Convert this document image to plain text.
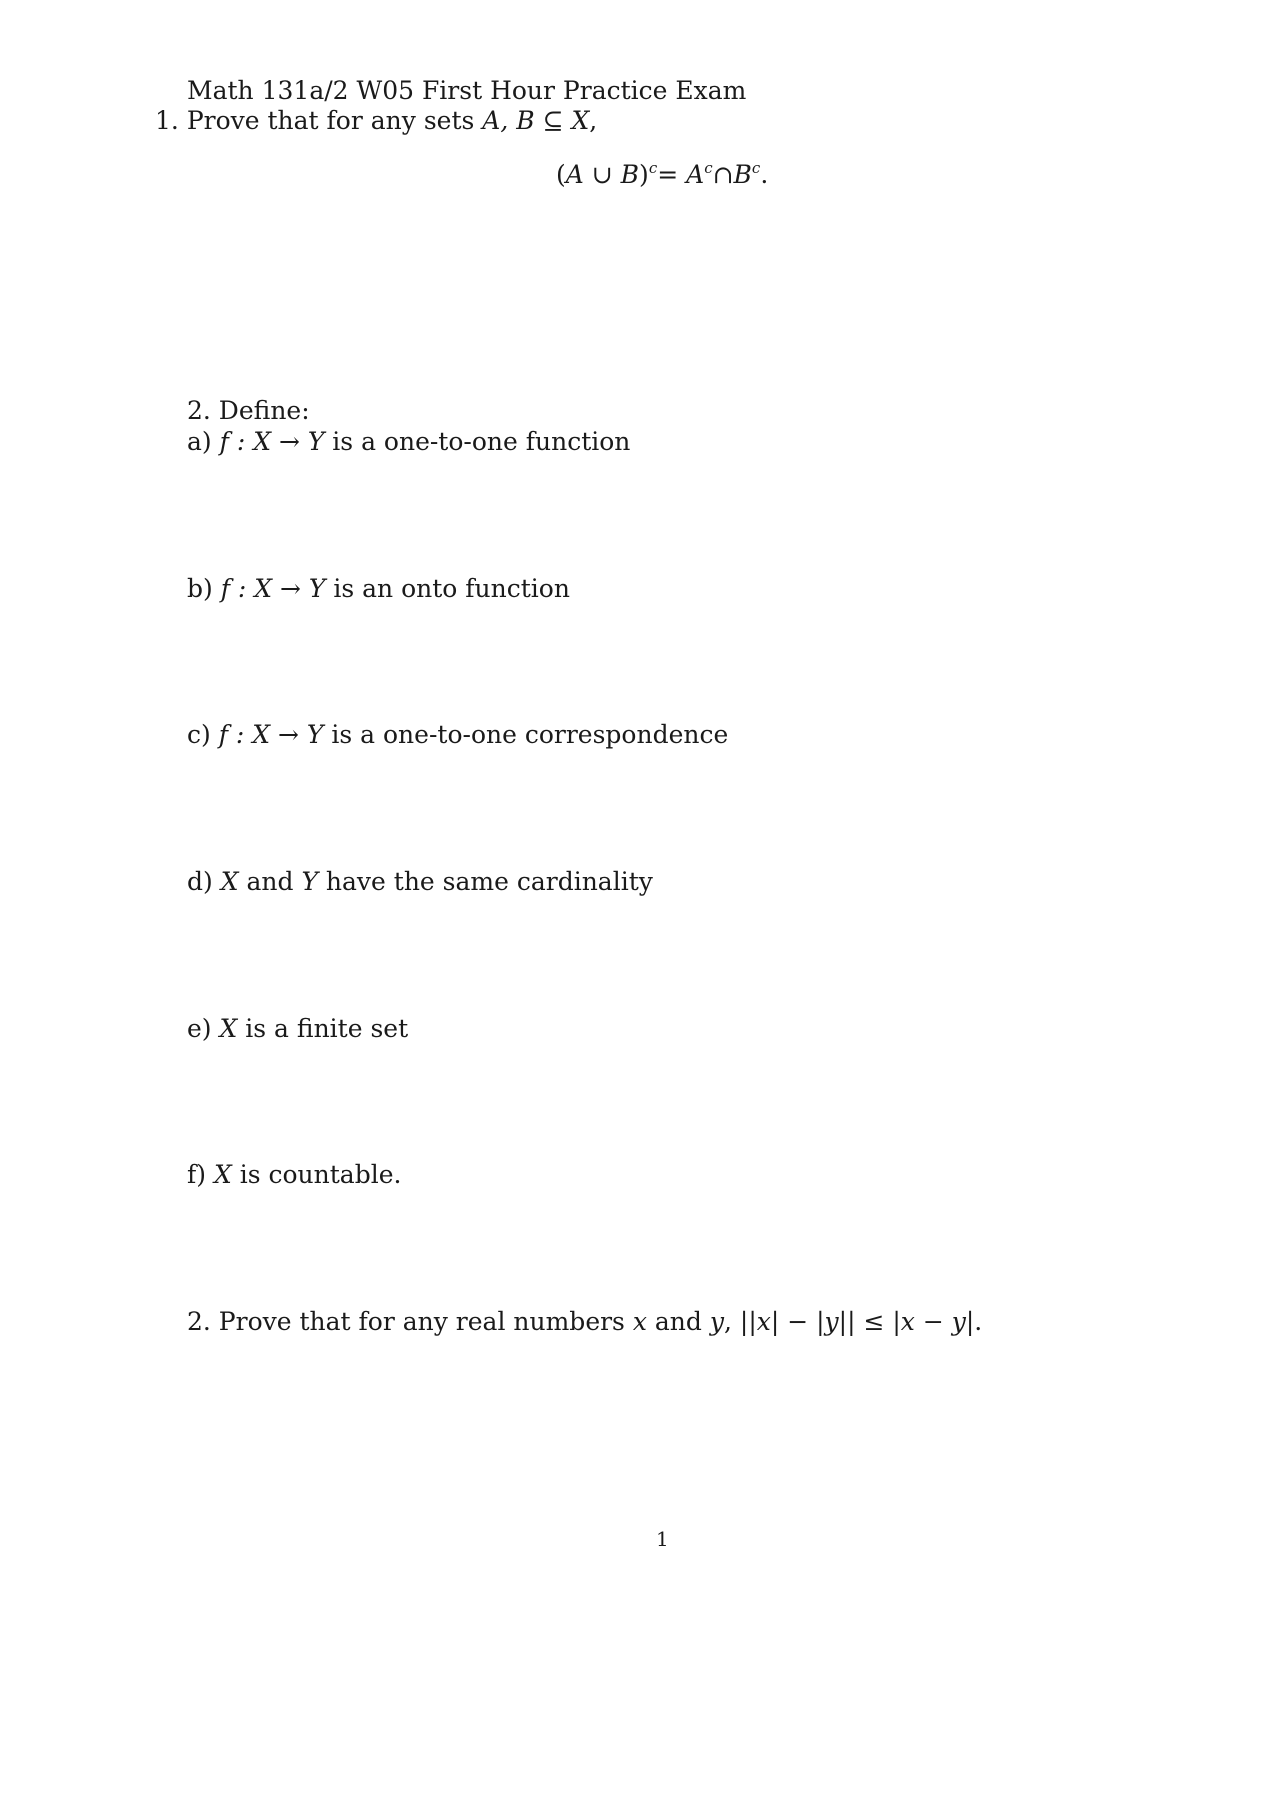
Math 131a/2 W05 First Hour Practice Exam
1. Prove that for any sets A, B ⊆ X,
(A ∪ $B)^c= A^c\cap B^c$.
2. Define:
a) f : X → Y is a one-to-one function
b) f : X → Y is an onto function
c) f : X → Y is a one-to-one correspondence
d) X and Y have the same cardinality
e) X is a finite set
f) X is countable.
2. Prove that for any real numbers x and y, ||x| − |y|| ≤ |x − y|.
1
